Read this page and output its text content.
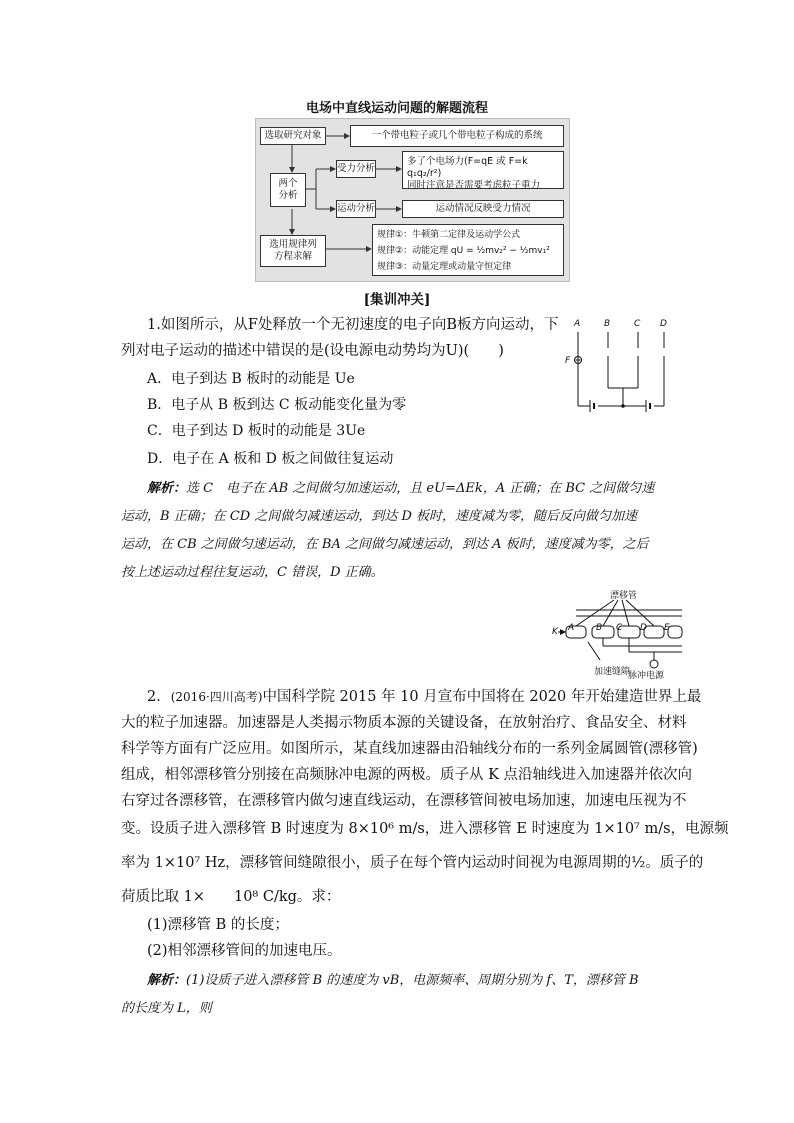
电场中直线运动问题的解题流程
选取研究对象	一个带电粒子或几个带电粒子构成的系统
两个分析
受力分析
多了个电场力(F=qE 或 F=k q₁q₂/r²)
同时注意是否需要考虑粒子重力
运动分析	运动情况反映受力情况
选用规律列方程求解
规律①：牛顿第二定律及运动学公式
规律②：动能定理 qU = ½mv₂² − ½mv₁²
规律③：动量定理或动量守恒定律
[集训冲关]
1.如图所示，从F处释放一个无初速度的电子向B板方向运动，下
列对电子运动的描述中错误的是(设电源电动势均为U)(　　)
A．电子到达 B 板时的动能是 Ue
B．电子从 B 板到达 C 板动能变化量为零
C．电子到达 D 板时的动能是 3Ue
D．电子在 A 板和 D 板之间做往复运动
A	B	C D
F
解析：选 C　电子在 AB 之间做匀加速运动，且 eU=ΔEk，A 正确；在 BC 之间做匀速
运动，B 正确；在 CD 之间做匀减速运动，到达 D 板时，速度减为零，随后反向做匀加速
运动，在 CB 之间做匀速运动，在 BA 之间做匀减速运动，到达 A 板时，速度减为零，之后
按上述运动过程往复运动，C 错误，D 正确。
漂移管
加速缝隙
脉冲电源
K A B C D E
2．(2016·四川高考)中国科学院 2015 年 10 月宣布中国将在 2020 年开始建造世界上最
大的粒子加速器。加速器是人类揭示物质本源的关键设备，在放射治疗、食品安全、材料
科学等方面有广泛应用。如图所示，某直线加速器由沿轴线分布的一系列金属圆管(漂移管)
组成，相邻漂移管分别接在高频脉冲电源的两极。质子从 K 点沿轴线进入加速器并依次向
右穿过各漂移管，在漂移管内做匀速直线运动，在漂移管间被电场加速，加速电压视为不
变。设质子进入漂移管 B 时速度为 8×10⁶ m/s，进入漂移管 E 时速度为 1×10⁷ m/s，电源频
率为 1×10⁷ Hz，漂移管间缝隙很小，质子在每个管内运动时间视为电源周期的½。质子的
荷质比取 1×　　10⁸ C/kg。求：
(1)漂移管 B 的长度；
(2)相邻漂移管间的加速电压。
解析：(1)设质子进入漂移管 B 的速度为 vB，电源频率、周期分别为 f、T，漂移管 B
的长度为 L，则
